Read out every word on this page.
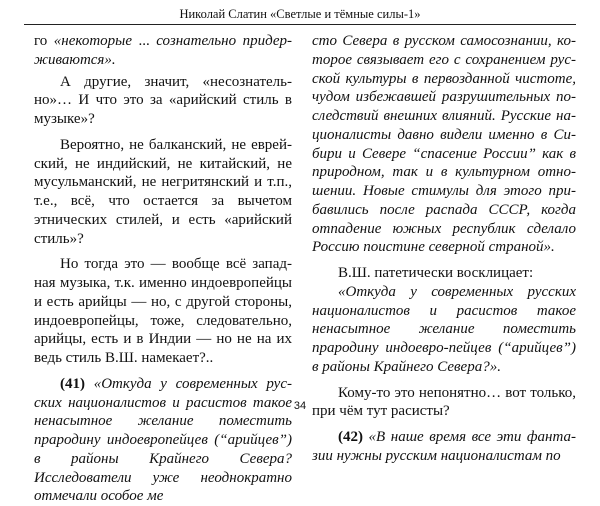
Николай Слатин «Светлые и тёмные силы-1»

го «некоторые ... сознательно придерживаются».

А другие, значит, «несознательно»… И что это за «арийский стиль в музыке»?

Вероятно, не балканский, не еврейский, не индийский, не китайский, не мусульманский, не негритянский и т.п., т.е., всё, что остается за вычетом этнических стилей, и есть «арийский стиль»?

Но тогда это — вообще всё западная музыка, т.к. именно индоевропейцы и есть арийцы — но, с другой стороны, индоевропейцы, тоже, следовательно, арийцы, есть и в Индии — но не на их ведь стиль В.Ш. намекает?..

(41) «Откуда у современных русских националистов и расистов такое ненасытное желание поместить прародину индоевропейцев (“арийцев”) в районы Крайнего Севера? Исследователи уже неоднократно отмечали особое ме

сто Севера в русском самосознании, которое связывает его с сохранением русской культуры в первозданной чистоте, чудом избежавшей разрушительных последствий внешних влияний. Русские националисты давно видели именно в Сибири и Севере “спасение России” как в природном, так и в культурном отношении. Новые стимулы для этого прибавились после распада СССР, когда отпадение южных республик сделало Россию поистине северной страной».

В.Ш. патетически восклицает:

«Откуда у современных русских националистов и расистов такое ненасытное желание поместить прародину индоевро-пейцев (“арийцев”) в районы Крайнего Севера?».

Кому-то это непонятно… вот только, при чём тут расисты?

(42) «В наше время все эти фантазии нужны русским националистам по

34
